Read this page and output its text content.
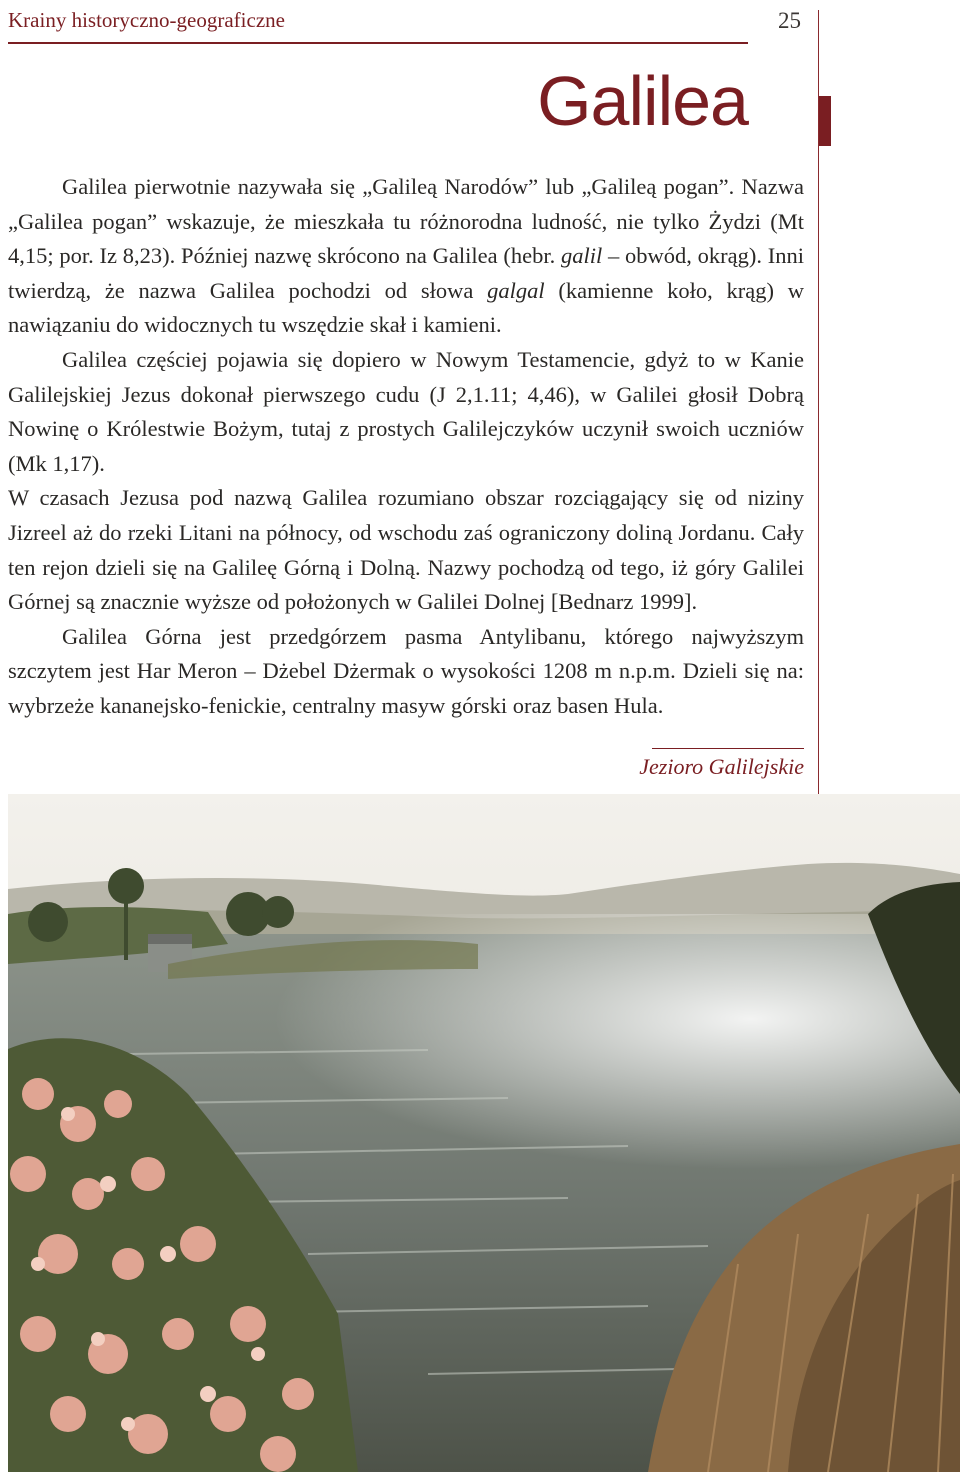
Krainy historyczno-geograficzne	25
Galilea

Galilea pierwotnie nazywała się „Galileą Narodów” lub „Galileą pogan”. Nazwa „Galilea pogan” wskazuje, że mieszkała tu różnorodna ludność, nie tylko Żydzi (Mt 4,15; por. Iz 8,23). Później nazwę skrócono na Galilea (hebr. galil – obwód, okrąg). Inni twierdzą, że nazwa Galilea pochodzi od słowa galgal (kamienne koło, krąg) w nawiązaniu do widocznych tu wszędzie skał i kamieni.

Galilea częściej pojawia się dopiero w Nowym Testamencie, gdyż to w Kanie Galilejskiej Jezus dokonał pierwszego cudu (J 2,1.11; 4,46), w Galilei głosił Dobrą Nowinę o Królestwie Bożym, tutaj z prostych Galilejczyków uczynił swoich uczniów (Mk 1,17).

W czasach Jezusa pod nazwą Galilea rozumiano obszar rozciągający się od niziny Jizreel aż do rzeki Litani na północy, od wschodu zaś ograniczony doliną Jordanu. Cały ten rejon dzieli się na Galileę Górną i Dolną. Nazwy pochodzą od tego, iż góry Galilei Górnej są znacznie wyższe od położonych w Galilei Dolnej [Bednarz 1999].

Galilea Górna jest przedgórzem pasma Antylibanu, którego najwyższym szczytem jest Har Meron – Dżebel Dżermak o wysokości 1208 m n.p.m. Dzieli się na: wybrzeże kananejsko-fenickie, centralny masyw górski oraz basen Hula.

Jezioro Galilejskie
